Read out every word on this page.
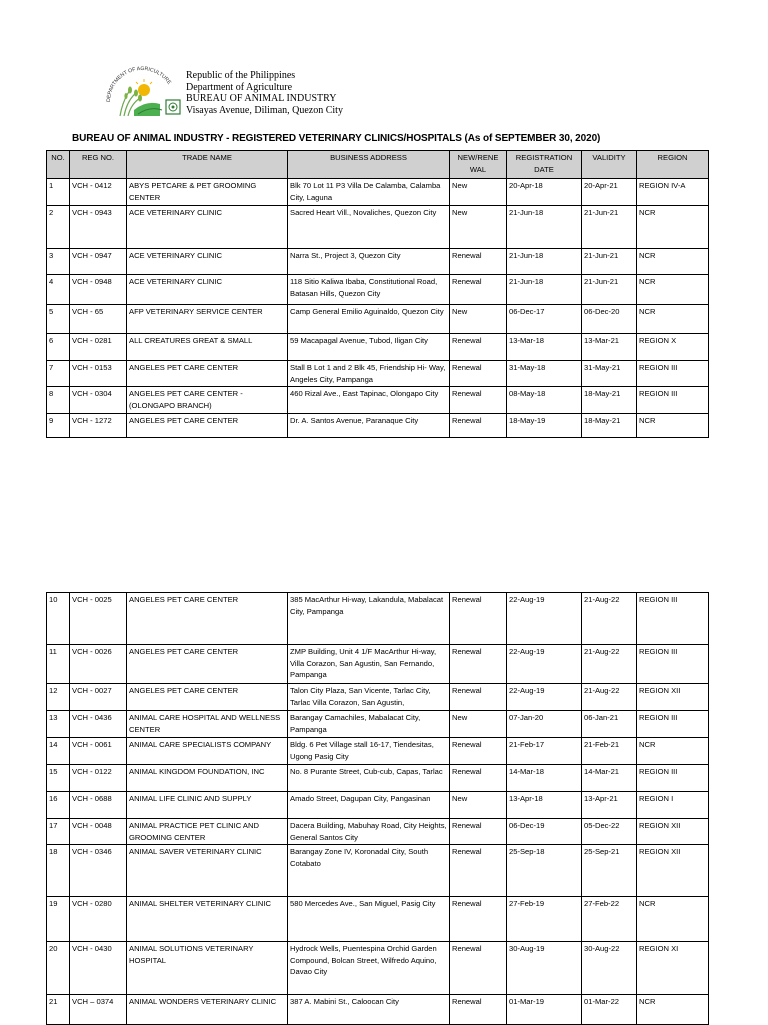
DEPARTMENT OF AGRICULTURE
Republic of the Philippines
Department of Agriculture
BUREAU OF ANIMAL INDUSTRY
Visayas Avenue, Diliman, Quezon City
BUREAU OF ANIMAL INDUSTRY - REGISTERED VETERINARY CLINICS/HOSPITALS (As of SEPTEMBER 30, 2020)
NO.	REG NO.	TRADE NAME	BUSINESS ADDRESS	NEW/RENE WAL	REGISTRATION DATE	VALIDITY	REGION
1	VCH - 0412	ABYS PETCARE & PET GROOMING CENTER	Blk 70 Lot 11 P3 Villa De Calamba, Calamba City, Laguna	New	20-Apr-18	20-Apr-21	REGION IV-A
2	VCH - 0943	ACE VETERINARY CLINIC	Sacred Heart Vill., Novaliches, Quezon City	New	21-Jun-18	21-Jun-21	NCR
3	VCH - 0947	ACE VETERINARY CLINIC	Narra St., Project 3, Quezon City	Renewal	21-Jun-18	21-Jun-21	NCR
4	VCH - 0948	ACE VETERINARY CLINIC	118 Sitio Kaliwa Ibaba, Constitutional Road, Batasan Hills, Quezon City	Renewal	21-Jun-18	21-Jun-21	NCR
5	VCH - 65	AFP VETERINARY SERVICE CENTER	Camp General Emilio Aguinaldo, Quezon City	New	06-Dec-17	06-Dec-20	NCR
6	VCH - 0281	ALL CREATURES GREAT & SMALL	59 Macapagal Avenue, Tubod, Iligan City	Renewal	13-Mar-18	13-Mar-21	REGION X
7	VCH - 0153	ANGELES PET CARE CENTER	Stall B Lot 1 and 2 Blk 45, Friendship Hi- Way, Angeles City, Pampanga	Renewal	31-May-18	31-May-21	REGION III
8	VCH - 0304	ANGELES PET CARE CENTER - (OLONGAPO BRANCH)	460 Rizal Ave., East Tapinac, Olongapo City	Renewal	08-May-18	18-May-21	REGION III
9	VCH - 1272	ANGELES PET CARE CENTER	Dr. A. Santos Avenue, Paranaque City	Renewal	18-May-19	18-May-21	NCR
10	VCH - 0025	ANGELES PET CARE CENTER	385 MacArthur Hi-way, Lakandula, Mabalacat City, Pampanga	Renewal	22-Aug-19	21-Aug-22	REGION III
11	VCH - 0026	ANGELES PET CARE CENTER	ZMP Building, Unit 4 1/F MacArthur Hi-way, Villa Corazon, San Agustin, San Fernando, Pampanga	Renewal	22-Aug-19	21-Aug-22	REGION III
12	VCH - 0027	ANGELES PET CARE CENTER	Talon City Plaza, San Vicente, Tarlac City, Tarlac Villa Corazon, San Agustin,	Renewal	22-Aug-19	21-Aug-22	REGION XII
13	VCH - 0436	ANIMAL CARE HOSPITAL AND WELLNESS CENTER	Barangay Camachiles, Mabalacat City, Pampanga	New	07-Jan-20	06-Jan-21	REGION III
14	VCH - 0061	ANIMAL CARE SPECIALISTS COMPANY	Bldg. 6 Pet Village stall 16-17, Tiendesitas, Ugong Pasig City	Renewal	21-Feb-17	21-Feb-21	NCR
15	VCH - 0122	ANIMAL KINGDOM FOUNDATION, INC	No. 8 Purante Street, Cub-cub, Capas, Tarlac	Renewal	14-Mar-18	14-Mar-21	REGION III
16	VCH - 0688	ANIMAL LIFE CLINIC AND SUPPLY	Amado Street, Dagupan City, Pangasinan	New	13-Apr-18	13-Apr-21	REGION I
17	VCH - 0048	ANIMAL PRACTICE PET CLINIC AND GROOMING CENTER	Dacera Building, Mabuhay Road, City Heights, General Santos City	Renewal	06-Dec-19	05-Dec-22	REGION XII
18	VCH - 0346	ANIMAL SAVER VETERINARY CLINIC	Barangay Zone IV, Koronadal City, South Cotabato	Renewal	25-Sep-18	25-Sep-21	REGION XII
19	VCH - 0280	ANIMAL SHELTER VETERINARY CLINIC	580 Mercedes Ave., San Miguel, Pasig City	Renewal	27-Feb-19	27-Feb-22	NCR
20	VCH - 0430	ANIMAL SOLUTIONS VETERINARY HOSPITAL	Hydrock Wells, Puentespina Orchid Garden Compound, Bolcan Street, Wilfredo Aquino, Davao City	Renewal	30-Aug-19	30-Aug-22	REGION XI
21	VCH – 0374	ANIMAL WONDERS VETERINARY CLINIC	387 A. Mabini St., Caloocan City	Renewal	01-Mar-19	01-Mar-22	NCR
